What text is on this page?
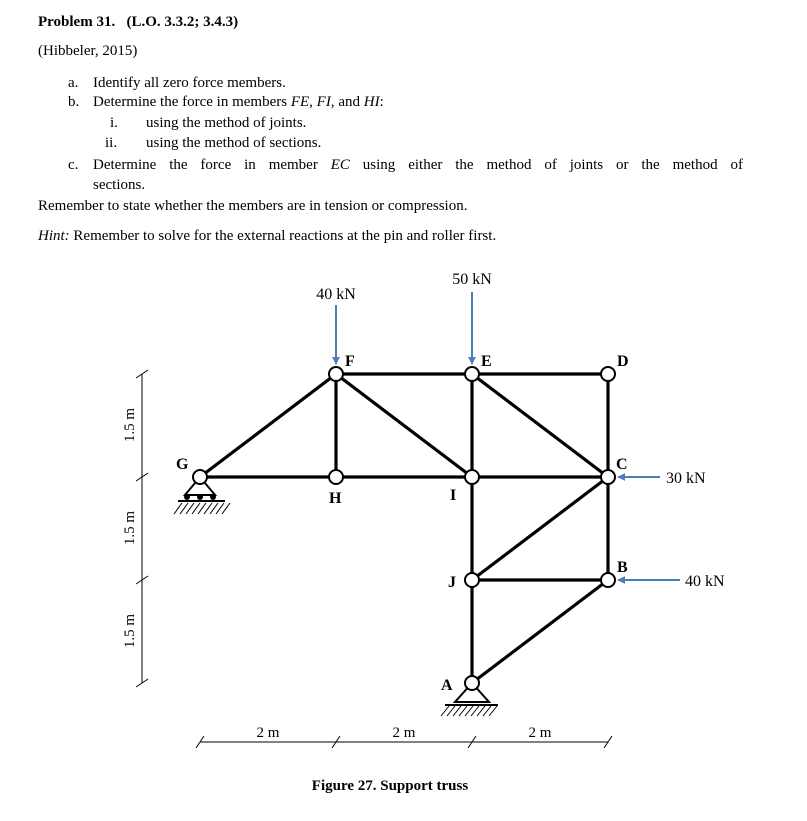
Problem 31. (L.O. 3.3.2; 3.4.3)
(Hibbeler, 2015)
a. Identify all zero force members.
b. Determine the force in members FE, FI, and HI:
i. using the method of joints.
ii. using the method of sections.
c. Determine the force in member EC using either the method of joints or the method of
sections.
Remember to state whether the members are in tension or compression.
Hint: Remember to solve for the external reactions at the pin and roller first.
40 kN
50 kN
30 kN
40 kN
G
F	E	D
C
H	I
J
B
A
2 m	2 m	2 m
1.5 m
1.5 m
1.5 m
Figure 27. Support truss
